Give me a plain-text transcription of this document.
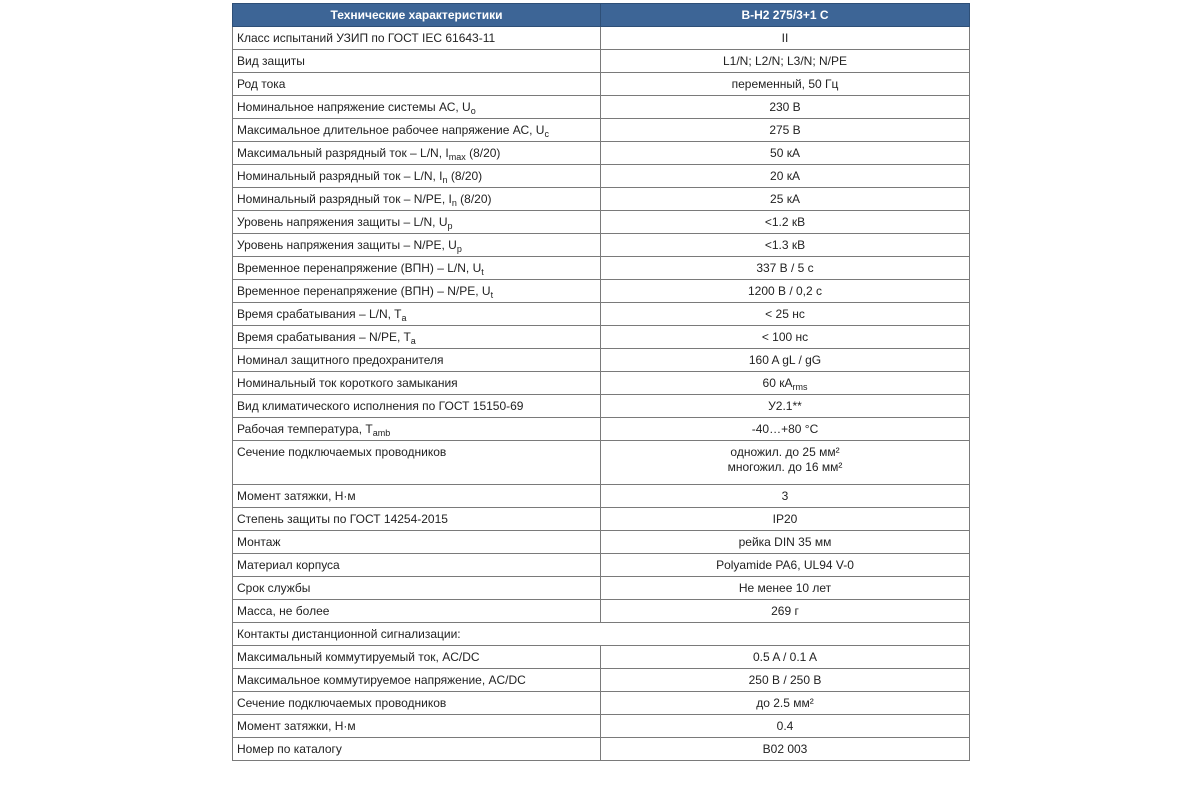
Технические характеристики	B-H2 275/3+1 C
Класс испытаний УЗИП по ГОСТ IEC 61643-11	II
Вид защиты	L1/N; L2/N; L3/N; N/PE
Род тока	переменный, 50 Гц
Номинальное напряжение системы АС, $U_o$	230 В
Максимальное длительное рабочее напряжение АС, $U_c$	275 В
Максимальный разрядный ток – L/N, $I_{max}$ (8/20)	50 кА
Номинальный разрядный ток – L/N, $I_n$ (8/20)	20 кА
Номинальный разрядный ток – N/PE, $I_n$ (8/20)	25 кА
Уровень напряжения защиты – L/N, $U_p$	<1.2 кВ
Уровень напряжения защиты – N/PE, $U_p$	<1.3 кВ
Временное перенапряжение (ВПН) – L/N, $U_t$	337 В / 5 с
Временное перенапряжение (ВПН) – N/PE, $U_t$	1200 В / 0,2 с
Время срабатывания – L/N, $T_a$	< 25 нс
Время срабатывания – N/PE, $T_a$	< 100 нс
Номинал защитного предохранителя	160 A gL / gG
Номинальный ток короткого замыкания	60 $кA_{rms}$
Вид климатического исполнения по ГОСТ 15150-69	У2.1**
Рабочая температура, $T_{amb}$	-40…+80 °C
Сечение подключаемых проводников	одножил. до 25 мм²
многожил. до 16 мм²
Момент затяжки, Н·м	3
Степень защиты по ГОСТ 14254-2015	IP20
Монтаж	рейка DIN 35 мм
Материал корпуса	Polyamide PA6, UL94 V-0
Срок службы	Не менее 10 лет
Масса, не более	269 г
Контакты дистанционной сигнализации:	
Максимальный коммутируемый ток, AC/DC	0.5 A / 0.1 A
Максимальное коммутируемое напряжение, AC/DC	250 В / 250 В
Сечение подключаемых проводников	до 2.5 мм²
Момент затяжки, Н·м	0.4
Номер по каталогу	B02 003
